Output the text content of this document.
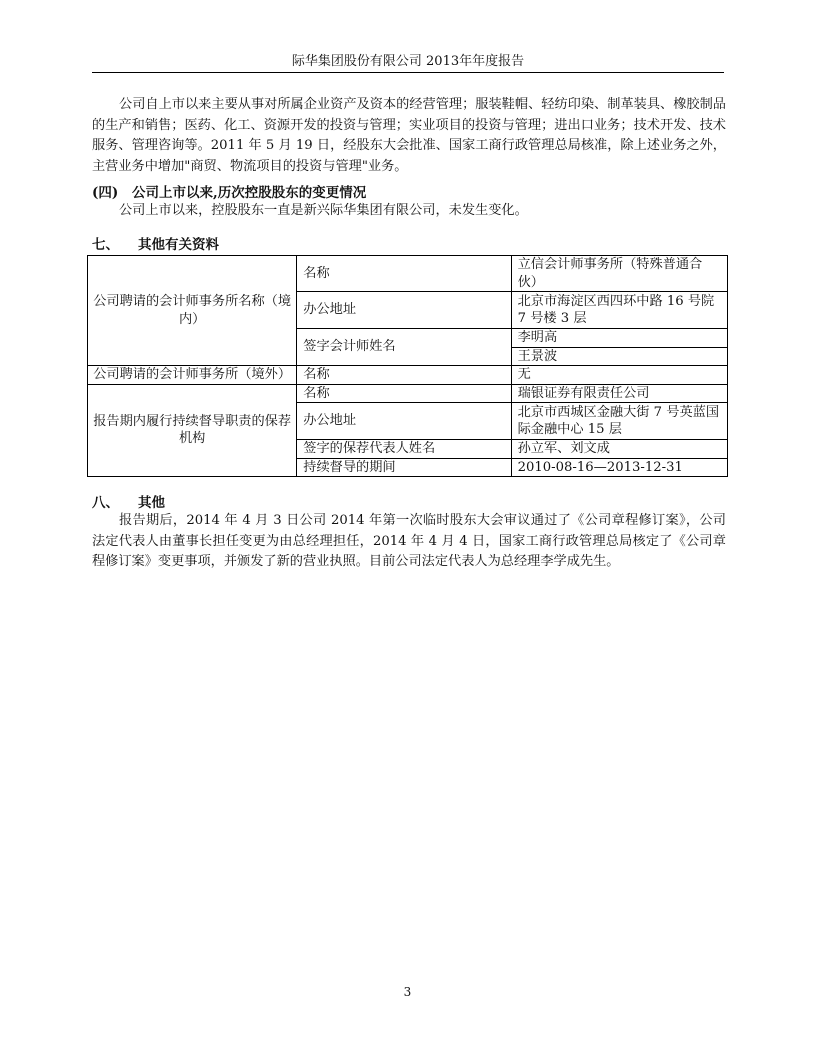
际华集团股份有限公司 2013年年度报告

公司自上市以来主要从事对所属企业资产及资本的经营管理；服装鞋帽、轻纺印染、制革装具、橡胶制品的生产和销售；医药、化工、资源开发的投资与管理；实业项目的投资与管理；进出口业务；技术开发、技术服务、管理咨询等。2011 年 5 月 19 日，经股东大会批准、国家工商行政管理总局核准，除上述业务之外，主营业务中增加"商贸、物流项目的投资与管理"业务。

(四) 公司上市以来,历次控股股东的变更情况

公司上市以来，控股股东一直是新兴际华集团有限公司，未发生变化。

七、 其他有关资料

公司聘请的会计师事务所名称（境内）	名称	立信会计师事务所（特殊普通合伙）
	办公地址	北京市海淀区西四环中路 16 号院 7 号楼 3 层
	签字会计师姓名	李明高
		王景波
公司聘请的会计师事务所（境外）	名称	无
报告期内履行持续督导职责的保荐机构	名称	瑞银证券有限责任公司
	办公地址	北京市西城区金融大街 7 号英蓝国际金融中心 15 层
	签字的保荐代表人姓名	孙立军、刘文成
	持续督导的期间	2010-08-16—2013-12-31

八、 其他

报告期后，2014 年 4 月 3 日公司 2014 年第一次临时股东大会审议通过了《公司章程修订案》，公司法定代表人由董事长担任变更为由总经理担任，2014 年 4 月 4 日，国家工商行政管理总局核定了《公司章程修订案》变更事项，并颁发了新的营业执照。目前公司法定代表人为总经理李学成先生。

3
